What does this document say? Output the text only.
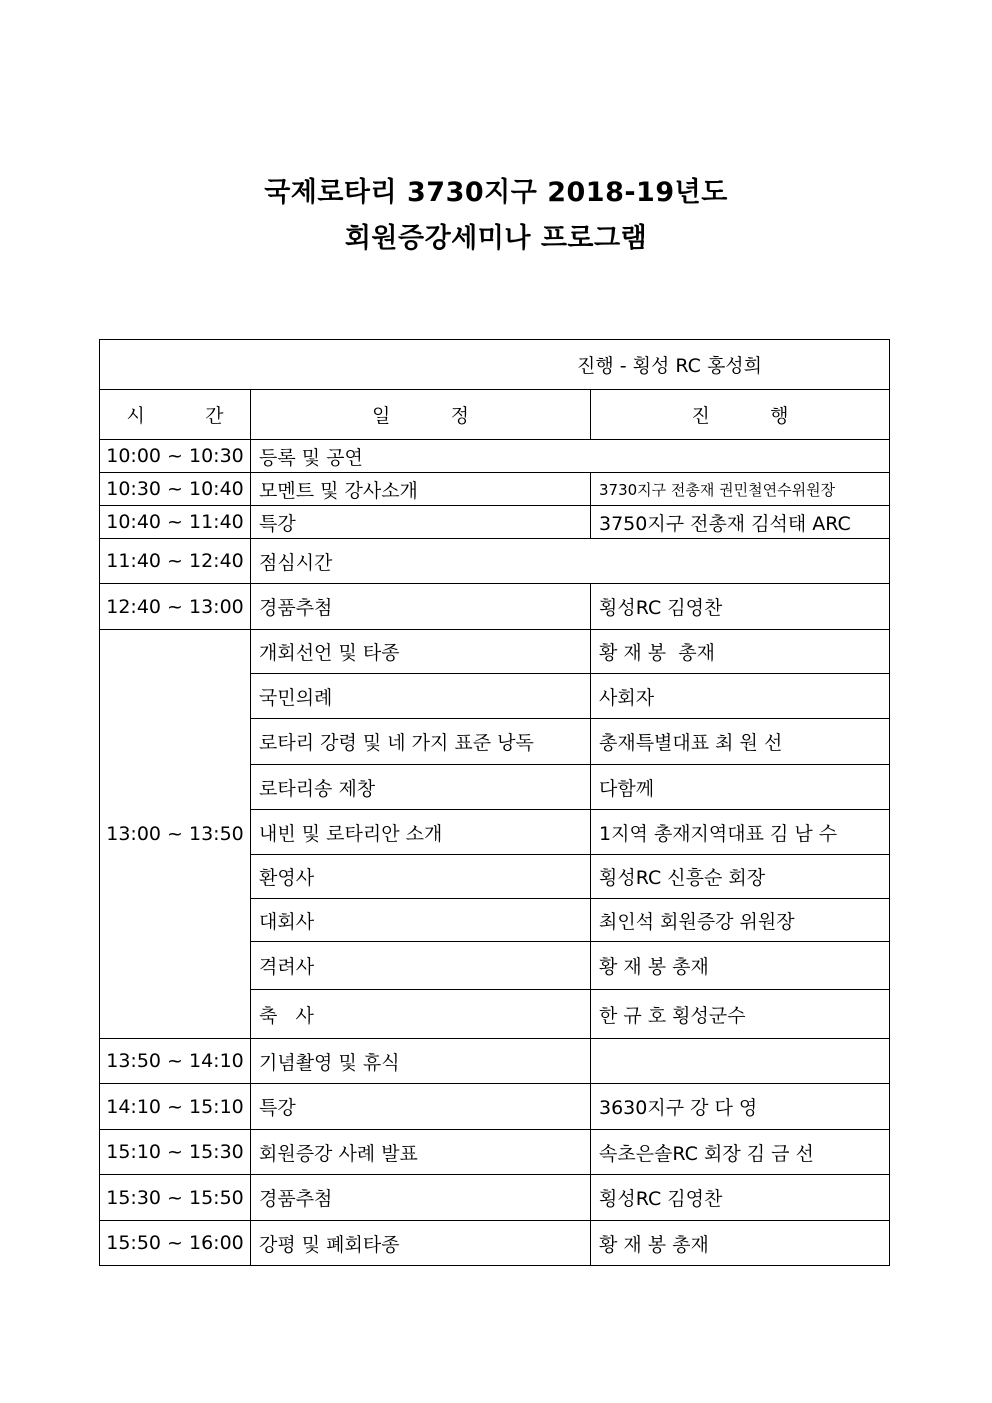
국제로타리 3730지구 2018-19년도
회원증강세미나 프로그램
진행 - 횡성 RC 홍성희		
시          간	일          정	진          행
10:00 ~ 10:30	등록 및 공연	
10:30 ~ 10:40	모멘트 및 강사소개	3730지구 전총재 권민철연수위원장
10:40 ~ 11:40	특강	3750지구 전총재 김석태 ARC
11:40 ~ 12:40	점심시간	
12:40 ~ 13:00	경품추첨	횡성RC 김영찬
13:00 ~ 13:50	개회선언 및 타종	황 재 봉  총재
	국민의례	사회자
	로타리 강령 및 네 가지 표준 낭독	총재특별대표 최 원 선
	로타리송 제창	다함께
	내빈 및 로타리안 소개	1지역 총재지역대표 김 남 수
	환영사	횡성RC 신흥순 회장
	대회사	최인석 회원증강 위원장
	격려사	황 재 봉 총재
	축   사	한 규 호 횡성군수
13:50 ~ 14:10	기념촬영 및 휴식	
14:10 ~ 15:10	특강	3630지구 강 다 영
15:10 ~ 15:30	회원증강 사례 발표	속초은솔RC 회장 김 금 선
15:30 ~ 15:50	경품추첨	횡성RC 김영찬
15:50 ~ 16:00	강평 및 폐회타종	황 재 봉 총재
